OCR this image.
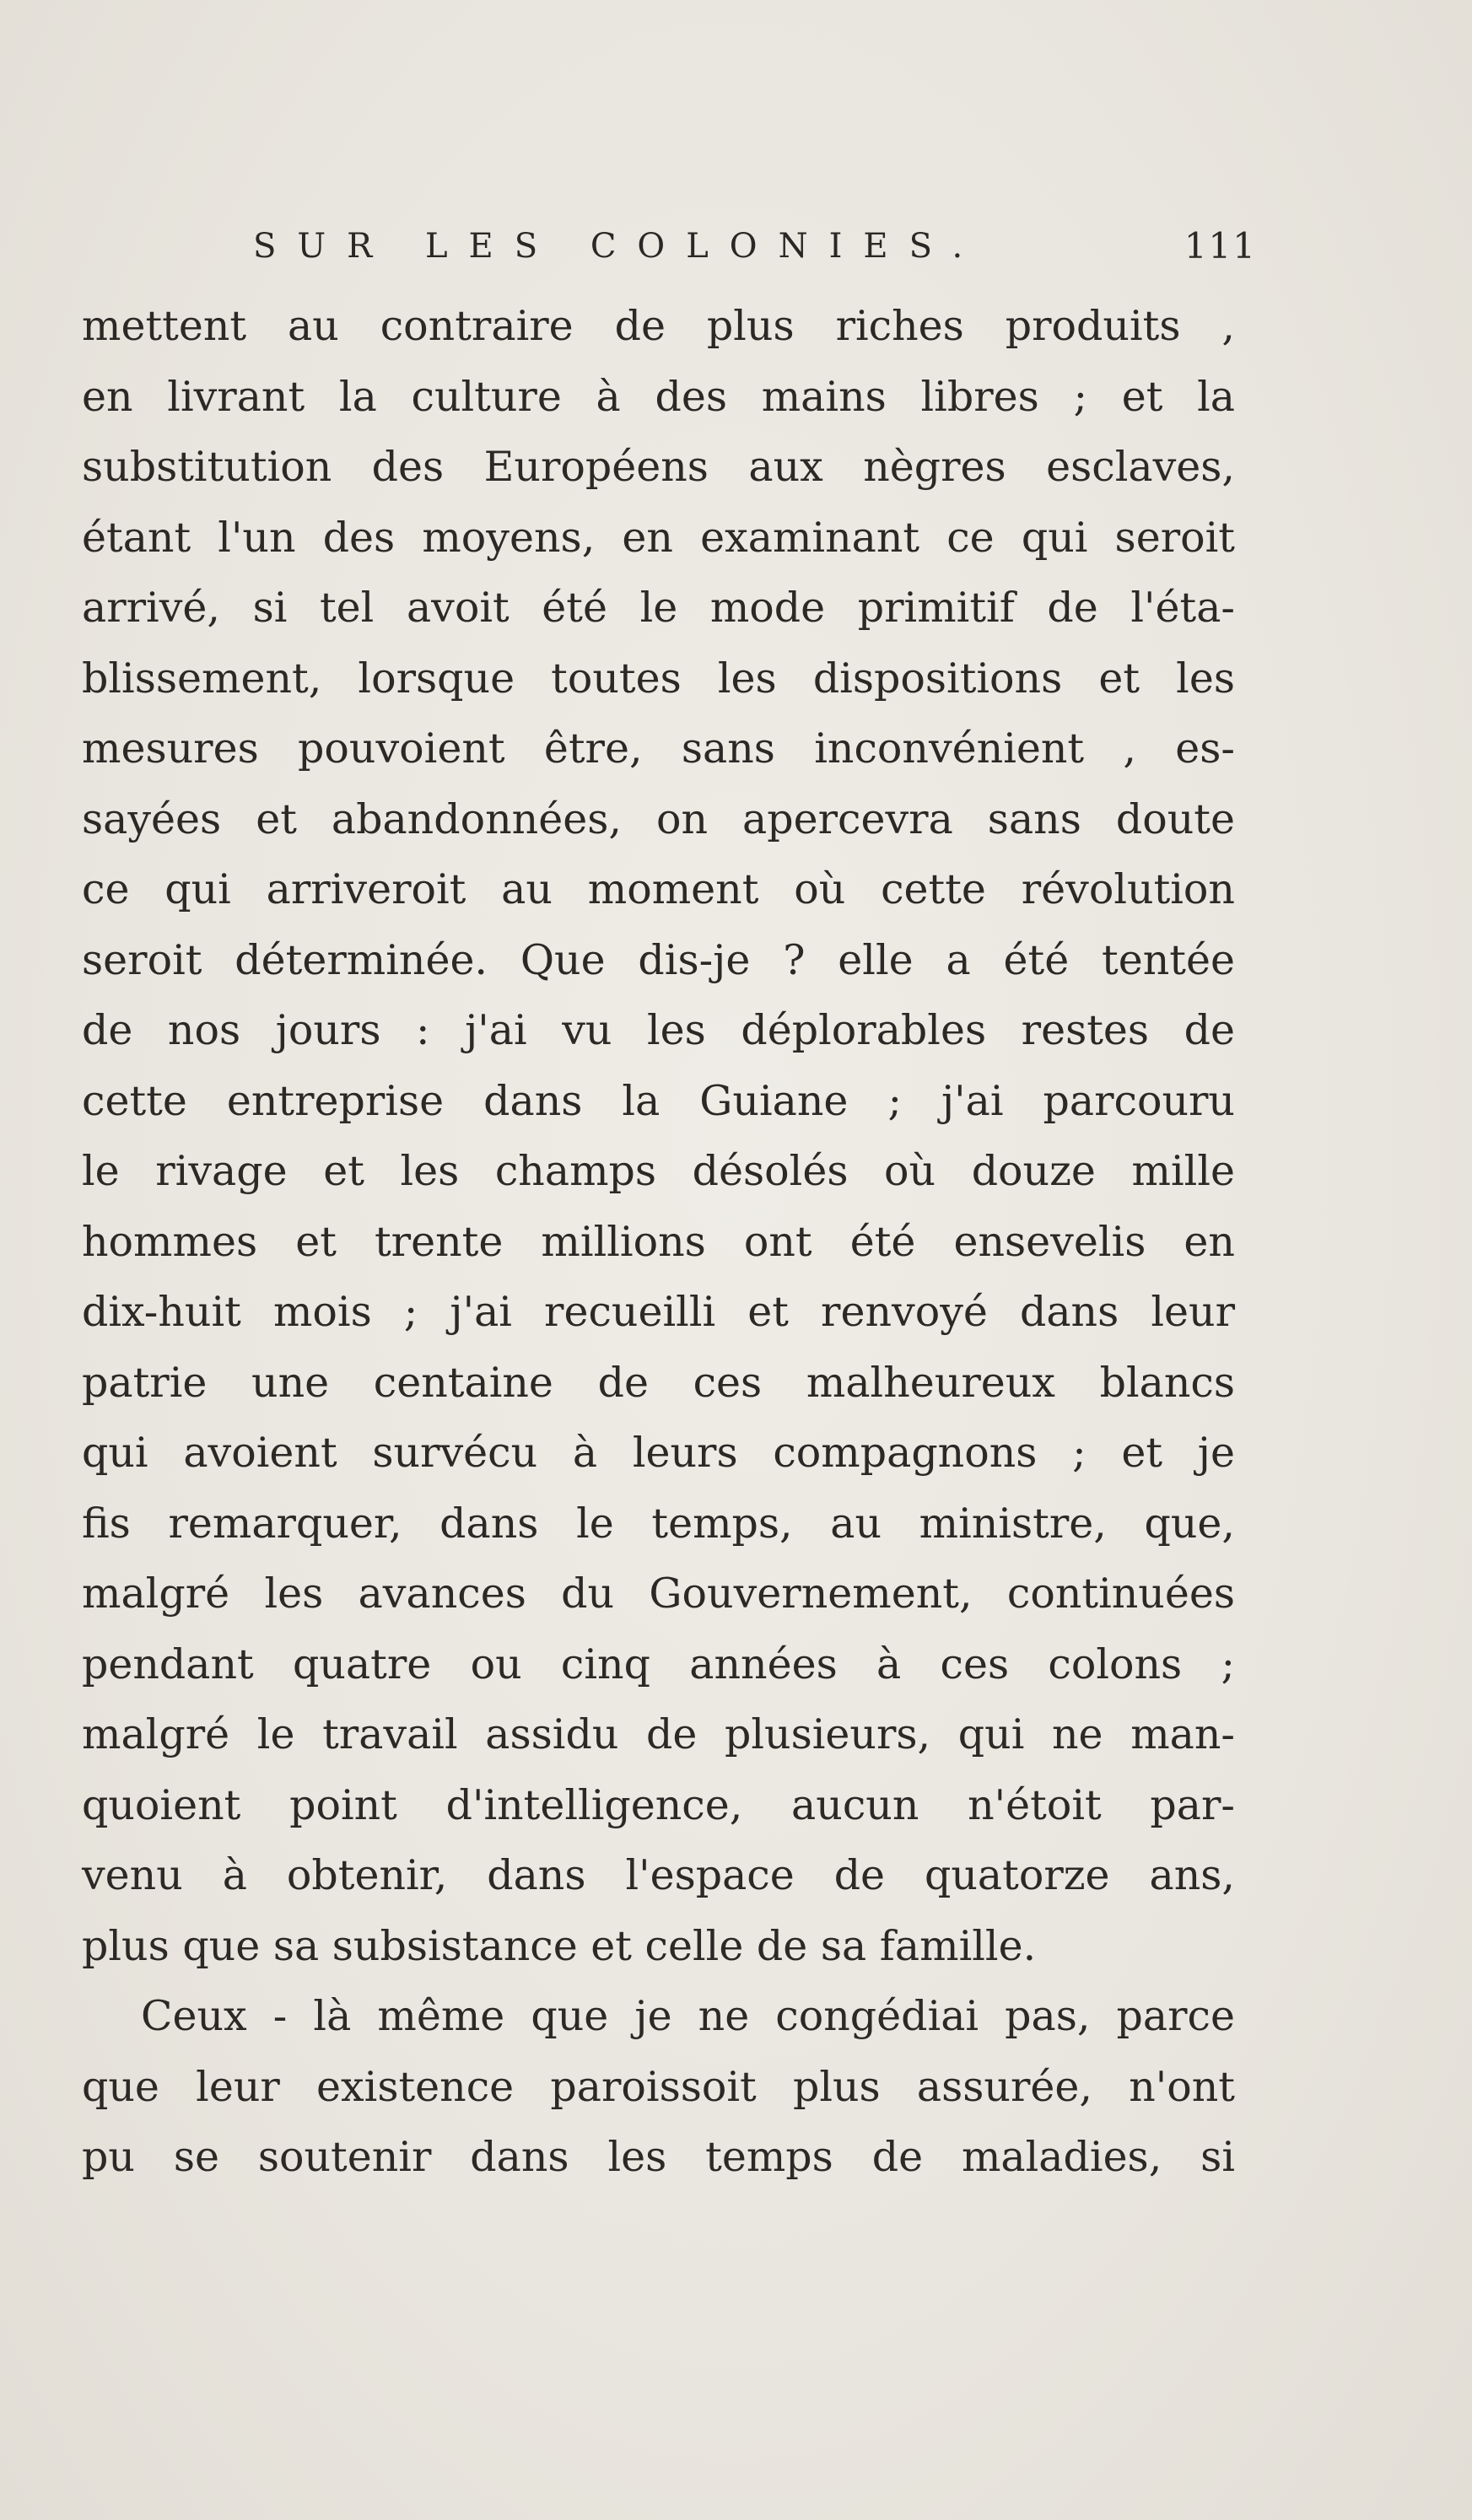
SUR LES COLONIES.	111
mettent au contraire de plus riches produits ,
en livrant la culture à des mains libres ; et la
substitution des Européens aux nègres esclaves,
étant l'un des moyens, en examinant ce qui seroit
arrivé, si tel avoit été le mode primitif de l'éta-
blissement, lorsque toutes les dispositions et les
mesures pouvoient être, sans inconvénient , es-
sayées et abandonnées, on apercevra sans doute
ce qui arriveroit au moment où cette révolution
seroit déterminée. Que dis-je ? elle a été tentée
de nos jours : j'ai vu les déplorables restes de
cette entreprise dans la Guiane ; j'ai parcouru
le rivage et les champs désolés où douze mille
hommes et trente millions ont été ensevelis en
dix-huit mois ; j'ai recueilli et renvoyé dans leur
patrie une centaine de ces malheureux blancs
qui avoient survécu à leurs compagnons ; et je
fis remarquer, dans le temps, au ministre, que,
malgré les avances du Gouvernement, continuées
pendant quatre ou cinq années à ces colons ;
malgré le travail assidu de plusieurs, qui ne man-
quoient point d'intelligence, aucun n'étoit par-
venu à obtenir, dans l'espace de quatorze ans,
plus que sa subsistance et celle de sa famille.
Ceux - là même que je ne congédiai pas, parce
que leur existence paroissoit plus assurée, n'ont
pu se soutenir dans les temps de maladies, si
